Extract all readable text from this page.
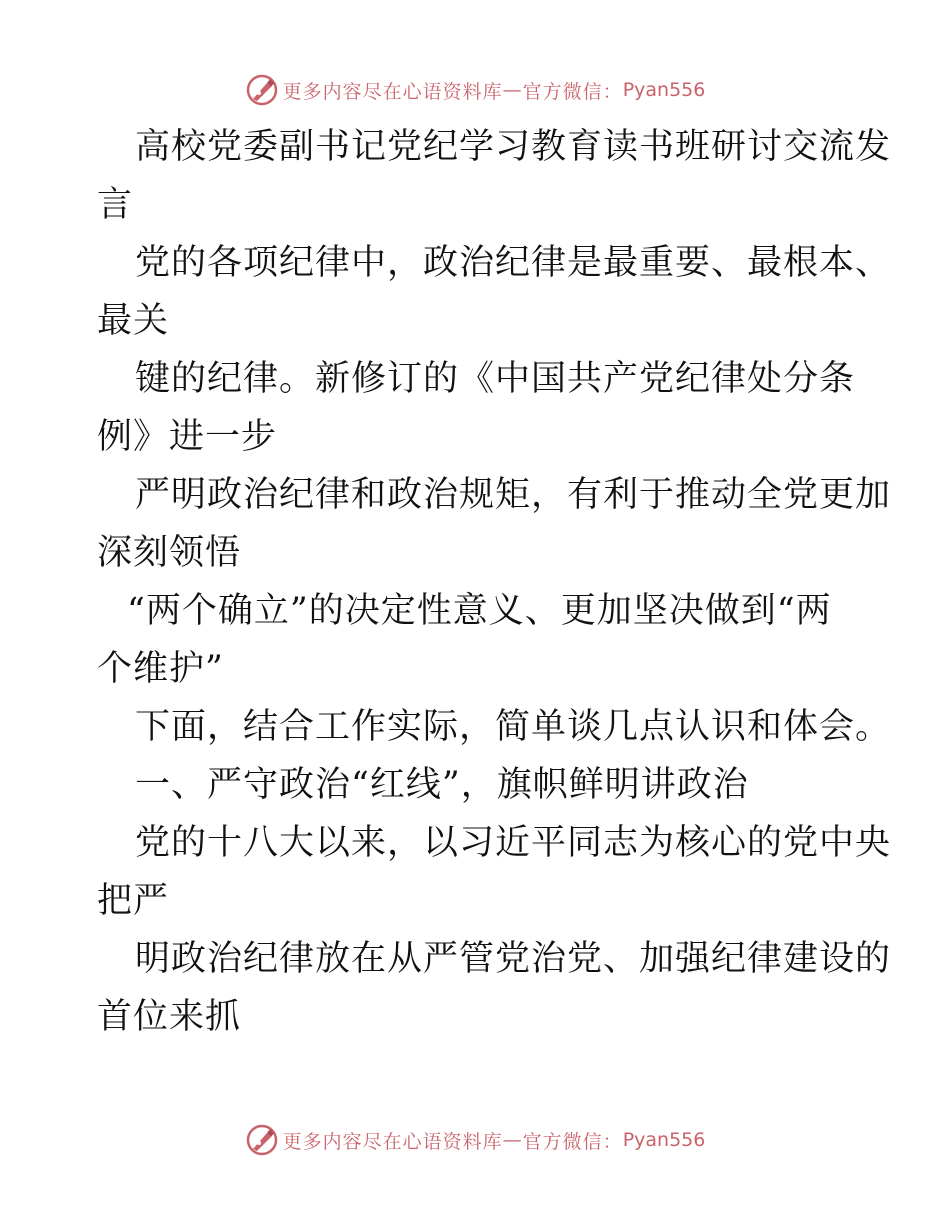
更多内容尽在心语资料库 — 官方微信： Pyan556
高校党委副书记党纪学习教育读书班研讨交流发
言
党的各项纪律中，政治纪律是最重要、最根本、
最关
键的纪律。新修订的《中国共产党纪律处分条
例》进一步
严明政治纪律和政治规矩，有利于推动全党更加
深刻领悟
“两个确立”的决定性意义、更加坚决做到“两
个维护”
下面，结合工作实际，简单谈几点认识和体会。
一、严守政治“红线”，旗帜鲜明讲政治
党的十八大以来，以习近平同志为核心的党中央
把严
明政治纪律放在从严管党治党、加强纪律建设的
首位来抓
更多内容尽在心语资料库 — 官方微信： Pyan556
